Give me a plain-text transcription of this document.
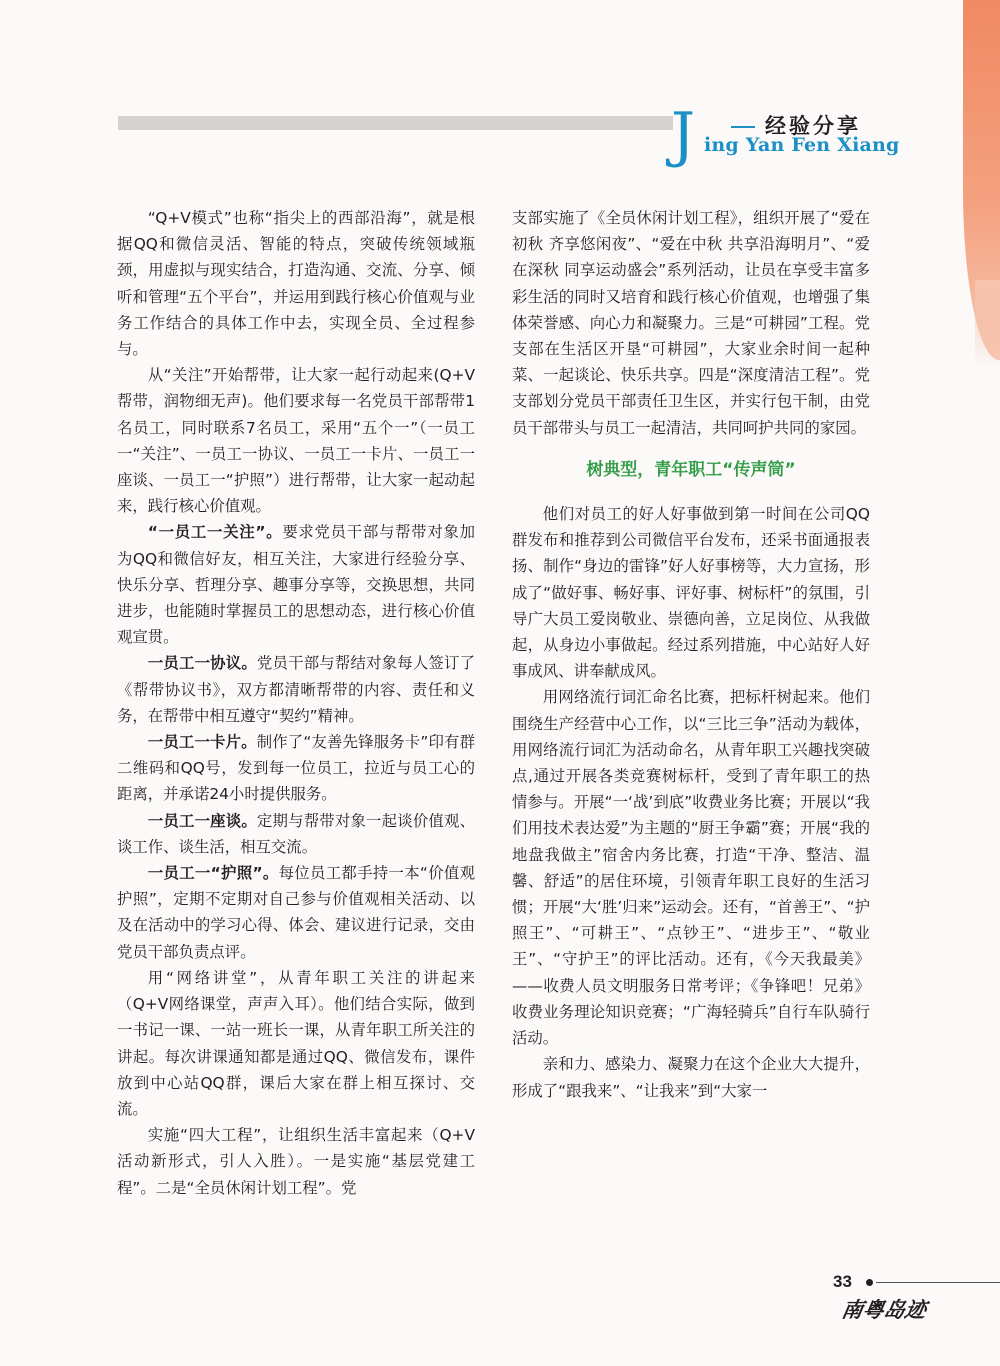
J	经验分享
ing Yan Fen Xiang

“Q+V模式”也称“指尖上的西部沿海”，就是根据QQ和微信灵活、智能的特点，突破传统领域瓶颈，用虚拟与现实结合，打造沟通、交流、分享、倾听和管理“五个平台”，并运用到践行核心价值观与业务工作结合的具体工作中去，实现全员、全过程参与。

从“关注”开始帮带，让大家一起行动起来(Q+V帮带，润物细无声)。他们要求每一名党员干部帮带1名员工，同时联系7名员工，采用“五个一”（一员工一“关注”、一员工一协议、一员工一卡片、一员工一座谈、一员工一“护照”）进行帮带，让大家一起动起来，践行核心价值观。

“一员工一关注”。要求党员干部与帮带对象加为QQ和微信好友，相互关注，大家进行经验分享、快乐分享、哲理分享、趣事分享等，交换思想，共同进步，也能随时掌握员工的思想动态，进行核心价值观宣贯。

一员工一协议。党员干部与帮结对象每人签订了《帮带协议书》，双方都清晰帮带的内容、责任和义务，在帮带中相互遵守“契约”精神。

一员工一卡片。制作了“友善先锋服务卡”印有群二维码和QQ号，发到每一位员工，拉近与员工心的距离，并承诺24小时提供服务。

一员工一座谈。定期与帮带对象一起谈价值观、谈工作、谈生活，相互交流。

一员工一“护照”。每位员工都手持一本“价值观护照”，定期不定期对自己参与价值观相关活动、以及在活动中的学习心得、体会、建议进行记录，交由党员干部负责点评。

用“网络讲堂”，从青年职工关注的讲起来（Q+V网络课堂，声声入耳）。他们结合实际，做到一书记一课、一站一班长一课，从青年职工所关注的讲起。每次讲课通知都是通过QQ、微信发布，课件放到中心站QQ群，课后大家在群上相互探讨、交流。

实施“四大工程”，让组织生活丰富起来（Q+V活动新形式，引人入胜）。一是实施“基层党建工程”。二是“全员休闲计划工程”。党

支部实施了《全员休闲计划工程》，组织开展了“爱在初秋 齐享悠闲夜”、“爱在中秋 共享沿海明月”、“爱在深秋 同享运动盛会”系列活动，让员在享受丰富多彩生活的同时又培育和践行核心价值观，也增强了集体荣誉感、向心力和凝聚力。三是“可耕园”工程。党支部在生活区开垦“可耕园”，大家业余时间一起种菜、一起谈论、快乐共享。四是“深度清洁工程”。党支部划分党员干部责任卫生区，并实行包干制，由党员干部带头与员工一起清洁，共同呵护共同的家园。

树典型，青年职工“传声筒”

他们对员工的好人好事做到第一时间在公司QQ群发布和推荐到公司微信平台发布，还采书面通报表扬、制作“身边的雷锋”好人好事榜等，大力宣扬，形成了“做好事、畅好事、评好事、树标杆”的氛围，引导广大员工爱岗敬业、崇德向善，立足岗位、从我做起，从身边小事做起。经过系列措施，中心站好人好事成风、讲奉献成风。

用网络流行词汇命名比赛，把标杆树起来。他们围绕生产经营中心工作，以“三比三争”活动为载体，用网络流行词汇为活动命名，从青年职工兴趣找突破点,通过开展各类竞赛树标杆，受到了青年职工的热情参与。开展“一‘战’到底”收费业务比赛；开展以“我们用技术表达爱”为主题的“厨王争霸”赛；开展“我的地盘我做主”宿舍内务比赛，打造“干净、整洁、温馨、舒适”的居住环境，引领青年职工良好的生活习惯；开展“大‘胜’归来”运动会。还有，“首善王”、“护照王”、“可耕王”、“点钞王”、“进步王”、“敬业王”、“守护王”的评比活动。还有，《今天我最美》——收费人员文明服务日常考评；《争锋吧！兄弟》收费业务理论知识竞赛；“广海轻骑兵”自行车队骑行活动。

亲和力、感染力、凝聚力在这个企业大大提升，形成了“跟我来”、“让我来”到“大家一

33
南粤岛迹
